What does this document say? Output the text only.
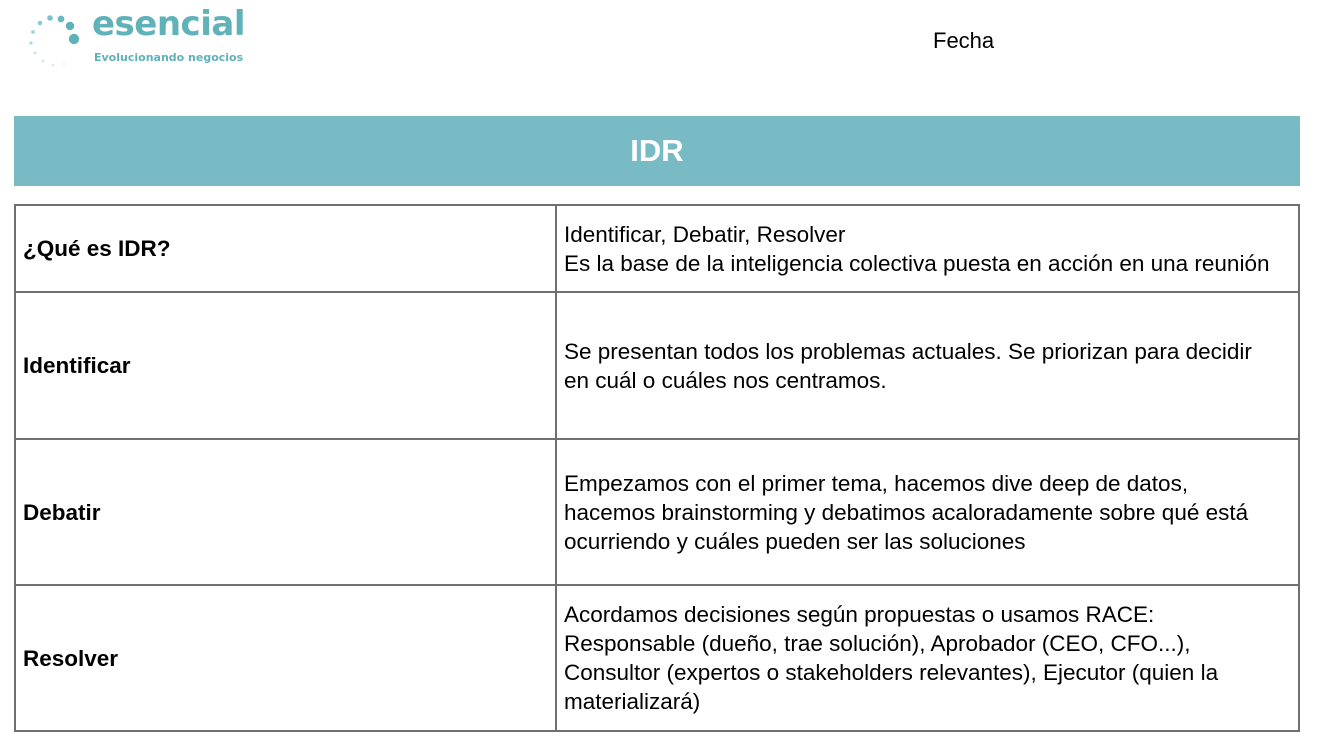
esencial
Evolucionando negocios
Fecha
IDR
¿Qué es IDR?	Identificar, Debatir, Resolver
Es la base de la inteligencia colectiva puesta en acción en una reunión

Identificar	Se presentan todos los problemas actuales. Se priorizan para decidir
en cuál o cuáles nos centramos.

Debatir	Empezamos con el primer tema, hacemos dive deep de datos,
hacemos brainstorming y debatimos acaloradamente sobre qué está
ocurriendo y cuáles pueden ser las soluciones

Resolver	Acordamos decisiones según propuestas o usamos RACE:
Responsable (dueño, trae solución), Aprobador (CEO, CFO...),
Consultor (expertos o stakeholders relevantes), Ejecutor (quien la
materializará)
